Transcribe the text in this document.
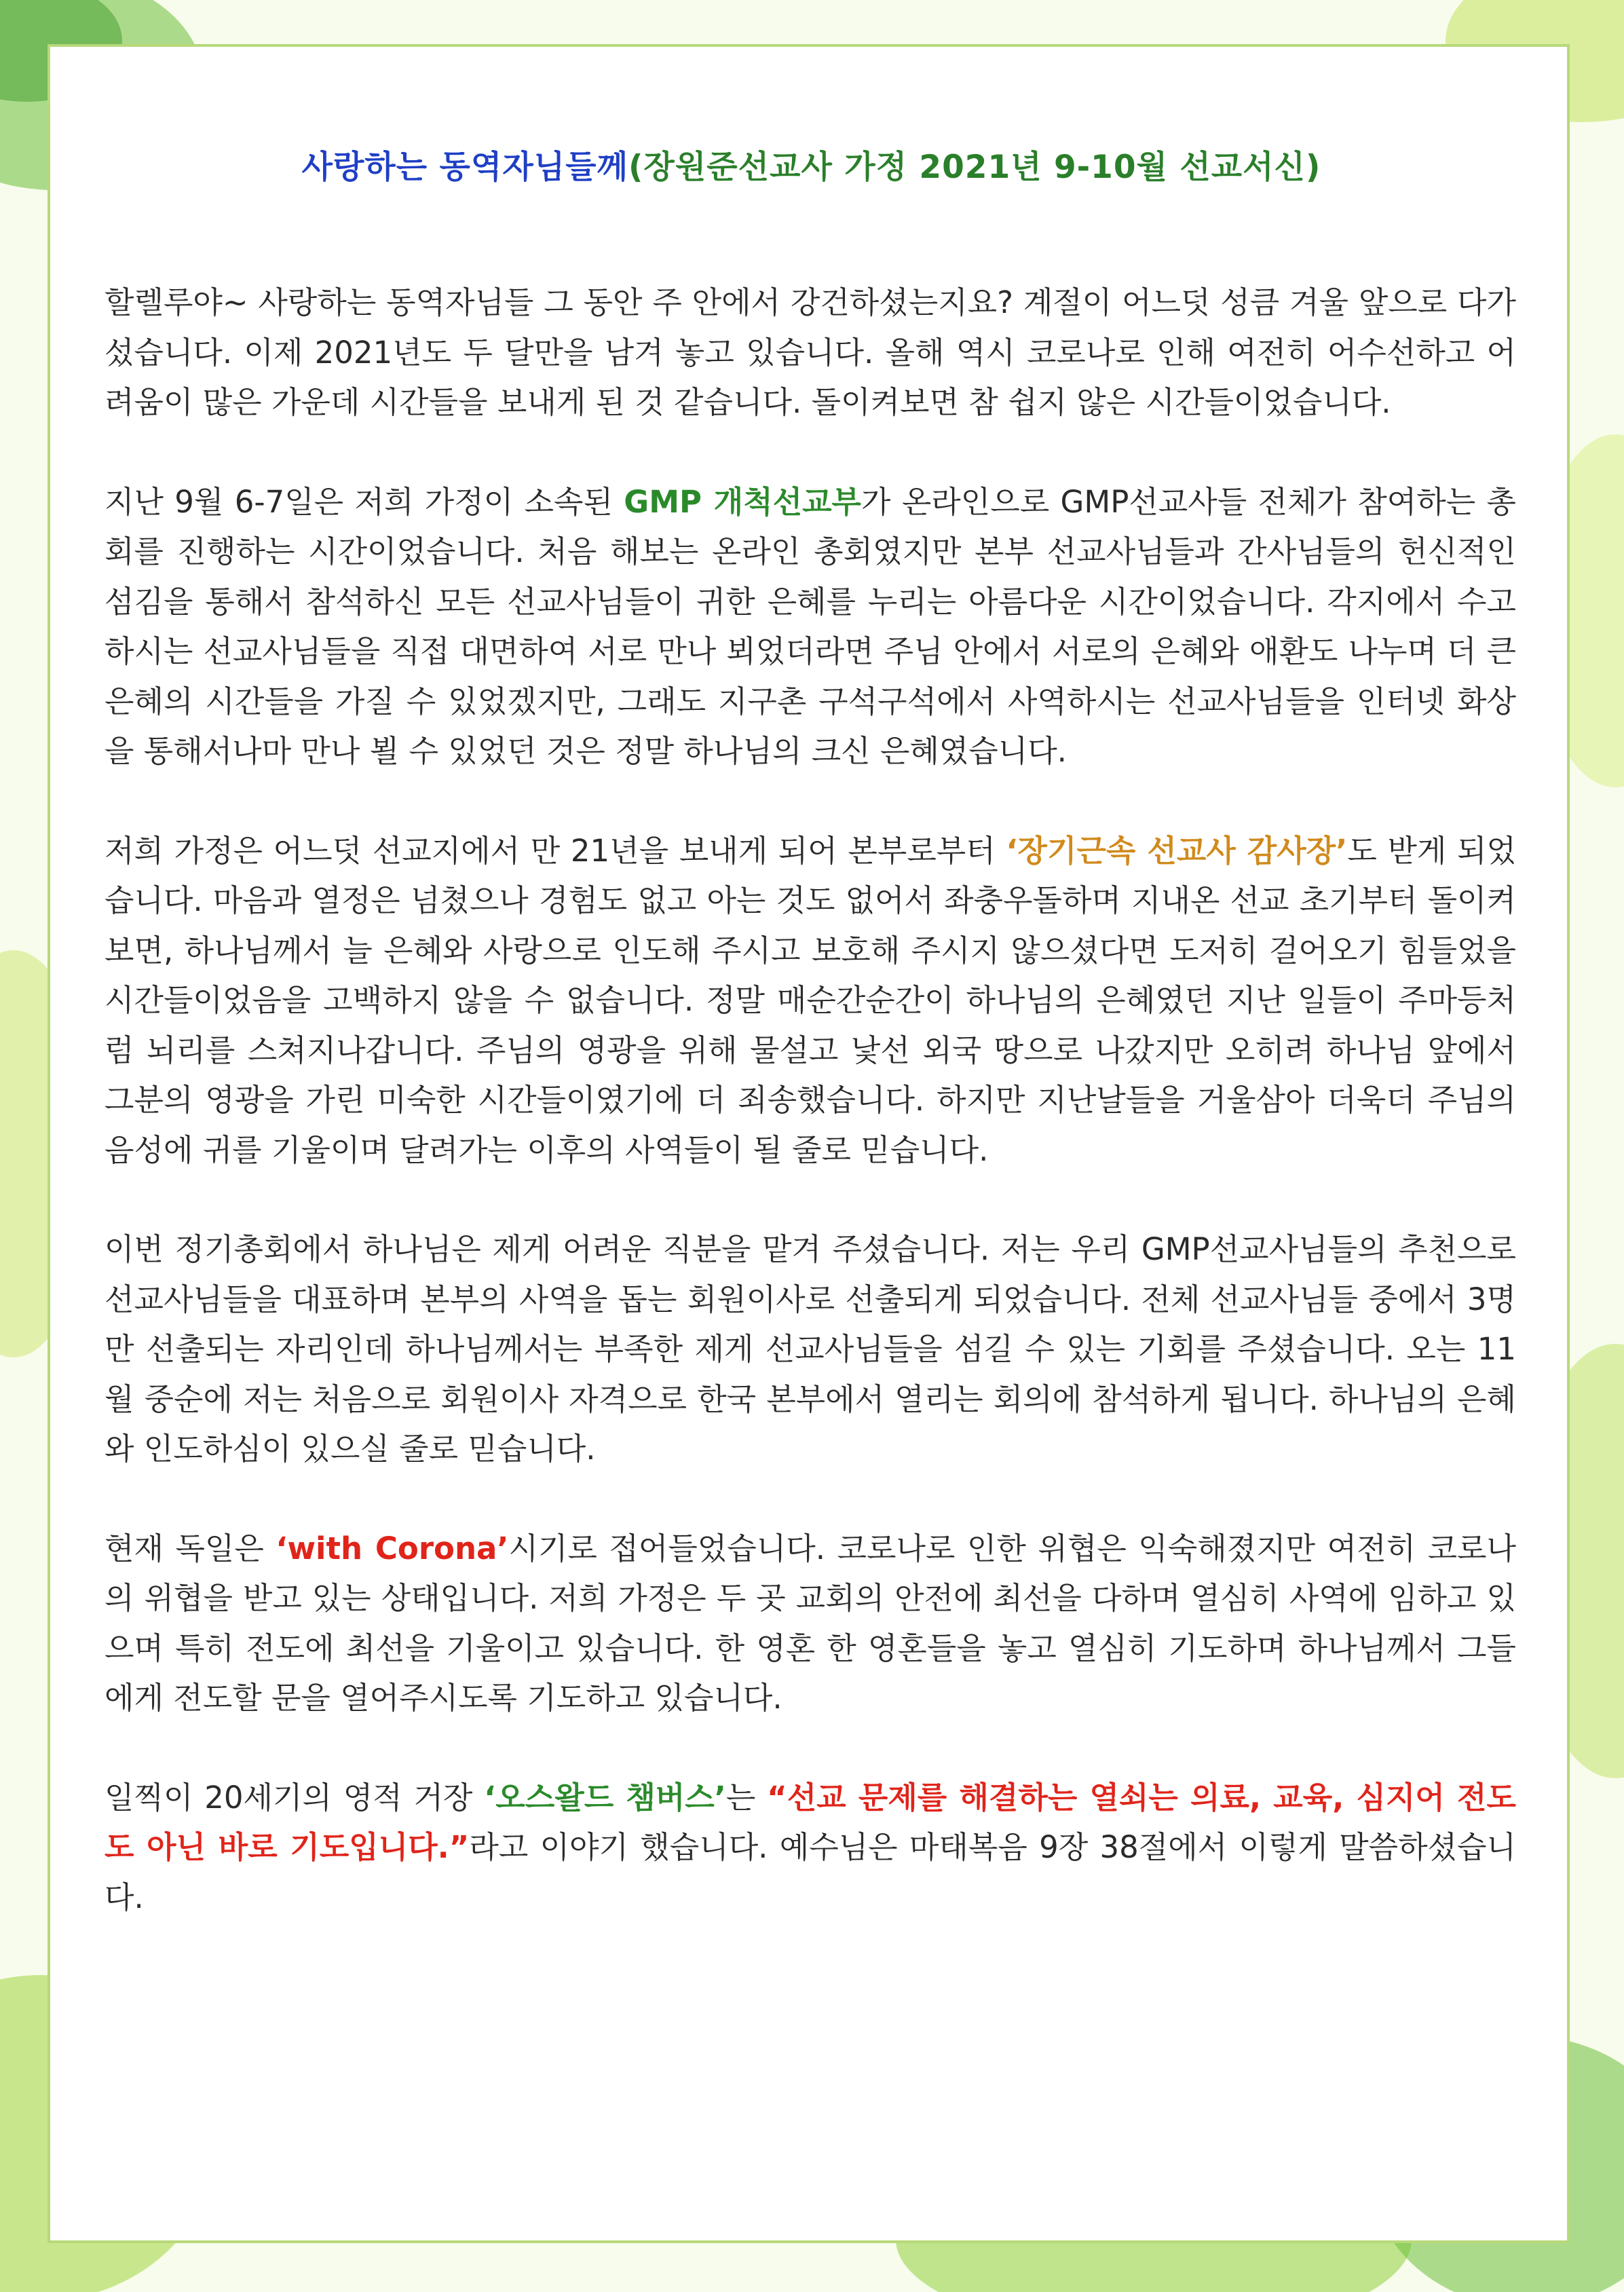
사랑하는 동역자님들께(장원준선교사 가정 2021년 9-10월 선교서신)

할렐루야~ 사랑하는 동역자님들 그 동안 주 안에서 강건하셨는지요? 계절이 어느덧 성큼 겨울 앞으로 다가섰습니다. 이제 2021년도 두 달만을 남겨 놓고 있습니다. 올해 역시 코로나로 인해 여전히 어수선하고 어려움이 많은 가운데 시간들을 보내게 된 것 같습니다. 돌이켜보면 참 쉽지 않은 시간들이었습니다.

지난 9월 6-7일은 저희 가정이 소속된 GMP 개척선교부가 온라인으로 GMP선교사들 전체가 참여하는 총회를 진행하는 시간이었습니다. 처음 해보는 온라인 총회였지만 본부 선교사님들과 간사님들의 헌신적인 섬김을 통해서 참석하신 모든 선교사님들이 귀한 은혜를 누리는 아름다운 시간이었습니다. 각지에서 수고하시는 선교사님들을 직접 대면하여 서로 만나 뵈었더라면 주님 안에서 서로의 은혜와 애환도 나누며 더 큰 은혜의 시간들을 가질 수 있었겠지만, 그래도 지구촌 구석구석에서 사역하시는 선교사님들을 인터넷 화상을 통해서나마 만나 뵐 수 있었던 것은 정말 하나님의 크신 은혜였습니다.

저희 가정은 어느덧 선교지에서 만 21년을 보내게 되어 본부로부터 ‘장기근속 선교사 감사장’도 받게 되었습니다. 마음과 열정은 넘쳤으나 경험도 없고 아는 것도 없어서 좌충우돌하며 지내온 선교 초기부터 돌이켜 보면, 하나님께서 늘 은혜와 사랑으로 인도해 주시고 보호해 주시지 않으셨다면 도저히 걸어오기 힘들었을 시간들이었음을 고백하지 않을 수 없습니다. 정말 매순간순간이 하나님의 은혜였던 지난 일들이 주마등처럼 뇌리를 스쳐지나갑니다. 주님의 영광을 위해 물설고 낯선 외국 땅으로 나갔지만 오히려 하나님 앞에서 그분의 영광을 가린 미숙한 시간들이였기에 더 죄송했습니다. 하지만 지난날들을 거울삼아 더욱더 주님의 음성에 귀를 기울이며 달려가는 이후의 사역들이 될 줄로 믿습니다.

이번 정기총회에서 하나님은 제게 어려운 직분을 맡겨 주셨습니다. 저는 우리 GMP선교사님들의 추천으로 선교사님들을 대표하며 본부의 사역을 돕는 회원이사로 선출되게 되었습니다. 전체 선교사님들 중에서 3명만 선출되는 자리인데 하나님께서는 부족한 제게 선교사님들을 섬길 수 있는 기회를 주셨습니다. 오는 11월 중순에 저는 처음으로 회원이사 자격으로 한국 본부에서 열리는 회의에 참석하게 됩니다. 하나님의 은혜와 인도하심이 있으실 줄로 믿습니다.

현재 독일은 ‘with Corona’시기로 접어들었습니다. 코로나로 인한 위협은 익숙해졌지만 여전히 코로나의 위협을 받고 있는 상태입니다. 저희 가정은 두 곳 교회의 안전에 최선을 다하며 열심히 사역에 임하고 있으며 특히 전도에 최선을 기울이고 있습니다. 한 영혼 한 영혼들을 놓고 열심히 기도하며 하나님께서 그들에게 전도할 문을 열어주시도록 기도하고 있습니다.

일찍이 20세기의 영적 거장 ‘오스왈드 챔버스’는 “선교 문제를 해결하는 열쇠는 의료, 교육, 심지어 전도도 아닌 바로 기도입니다.”라고 이야기 했습니다. 예수님은 마태복음 9장 38절에서 이렇게 말씀하셨습니다.
